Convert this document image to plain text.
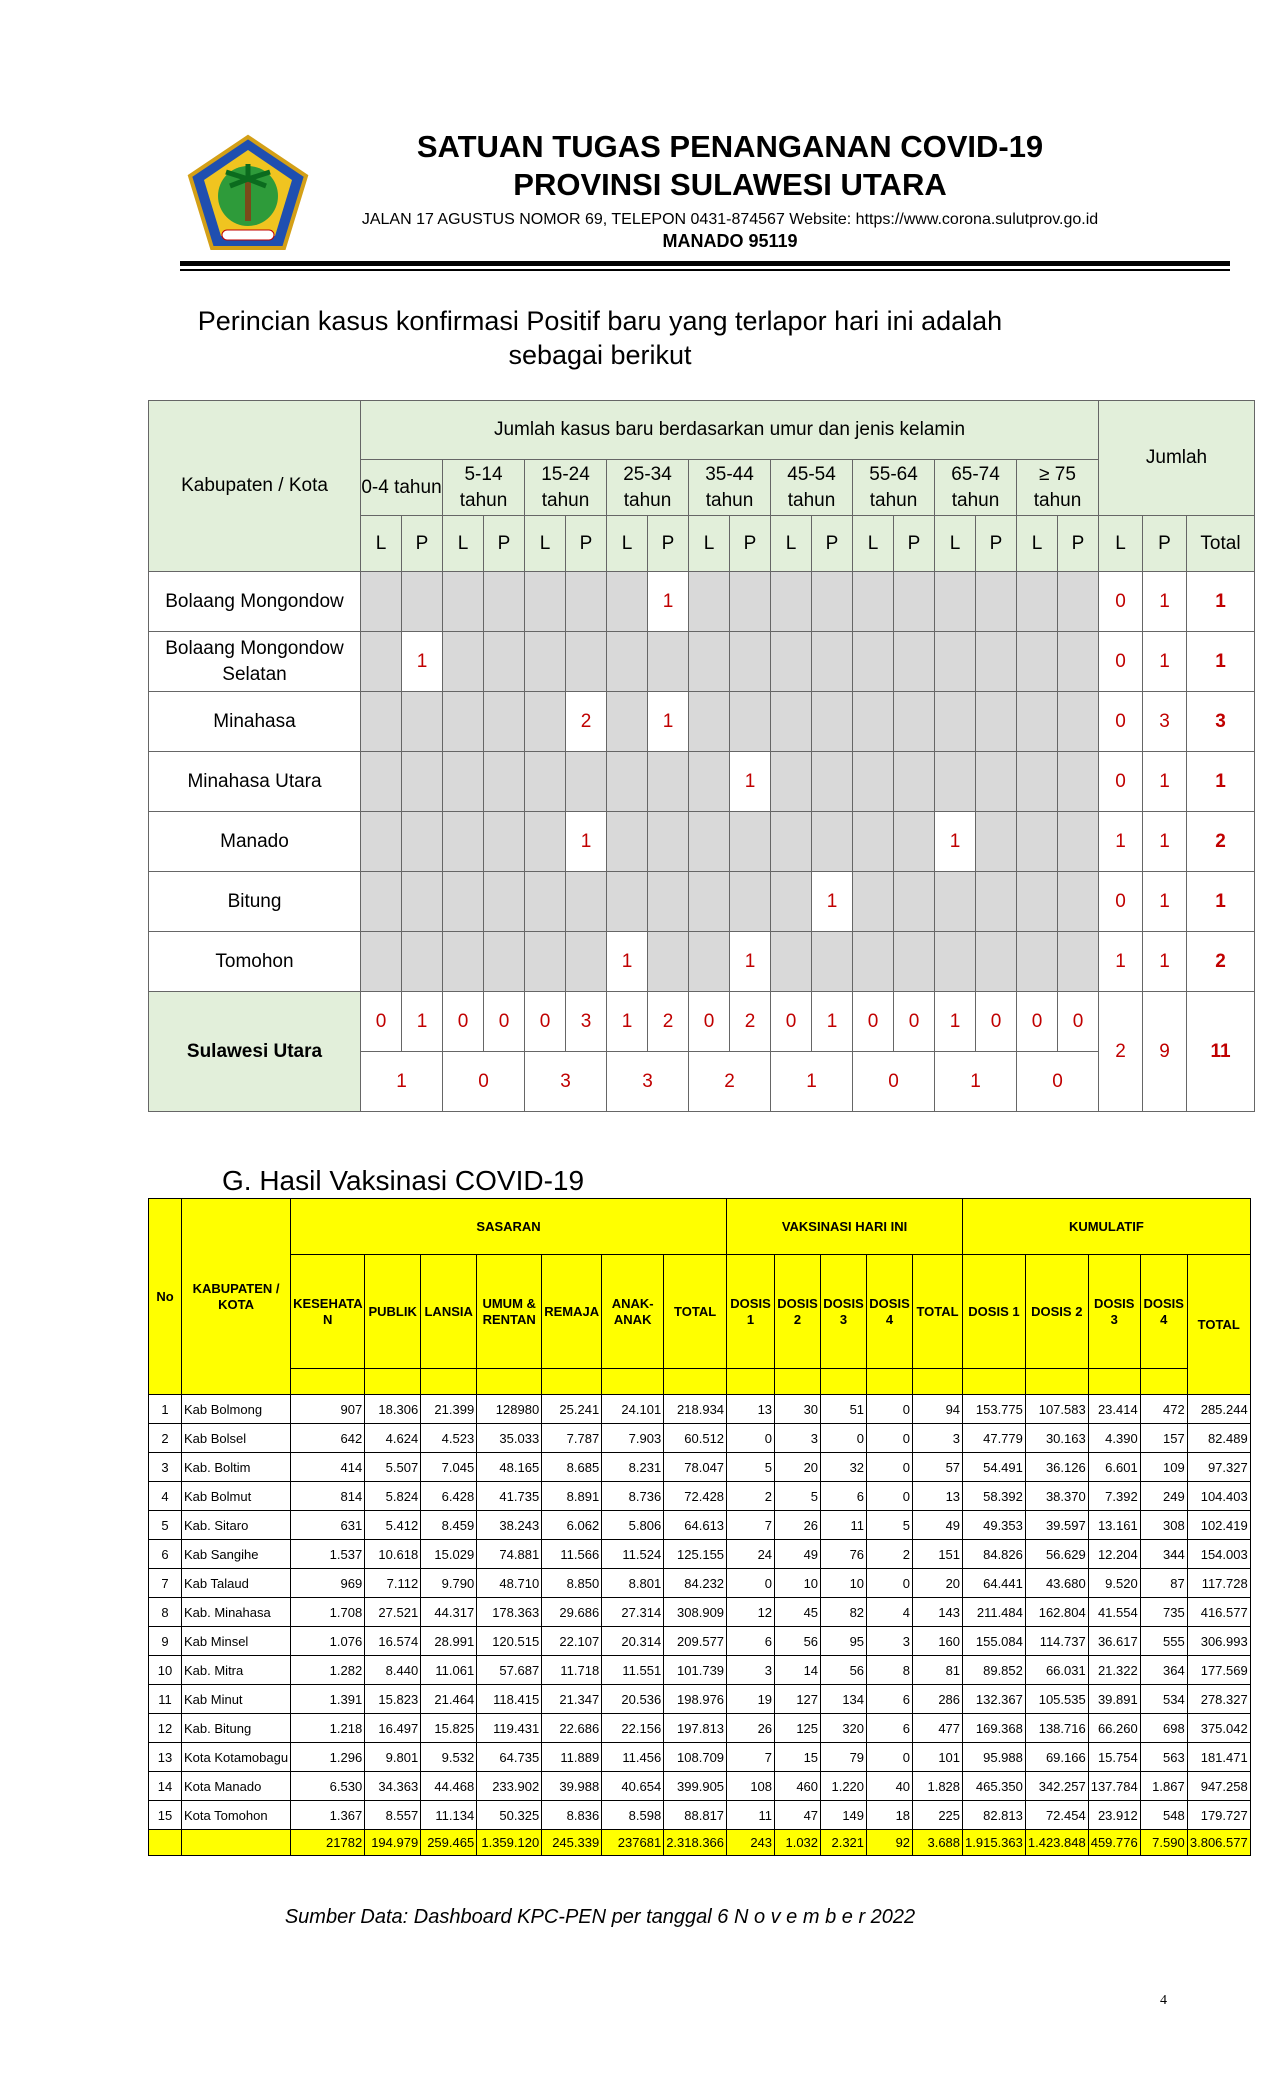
SATUAN TUGAS PENANGANAN COVID-19
PROVINSI SULAWESI UTARA
JALAN 17 AGUSTUS NOMOR 69, TELEPON 0431-874567 Website: https://www.corona.sulutprov.go.id
MANADO 95119
Perincian kasus konfirmasi Positif baru yang terlapor hari ini adalah sebagai berikut
Kabupaten / Kota	Jumlah kasus baru berdasarkan umur dan jenis kelamin																		Jumlah		
	0-4 tahun		5-14 tahun		15-24 tahun		25-34 tahun		35-44 tahun		45-54 tahun		55-64 tahun		65-74 tahun		≥ 75 tahun				
	L	P	L	P	L	P	L	P	L	P	L	P	L	P	L	P	L	P	L	P	Total
Bolaang Mongondow								1											0	1	1
Bolaang Mongondow Selatan		1																	0	1	1
Minahasa						2		1											0	3	3
Minahasa Utara										1									0	1	1
Manado						1									1				1	1	2
Bitung												1							0	1	1
Tomohon							1			1									1	1	2
Sulawesi Utara	0	1	0	0	0	3	1	2	0	2	0	1	0	0	1	0	0	0	2	9	11
	1		0		3		3		2		1		0		1		0				
G. Hasil Vaksinasi COVID-19
No	KABUPATEN / KOTA	SASARAN							VAKSINASI HARI INI					KUMULATIF				
		KESEHATA N	PUBLIK	LANSIA	UMUM & RENTAN	REMAJA	ANAK-ANAK	TOTAL	DOSIS 1	DOSIS 2	DOSIS 3	DOSIS 4	TOTAL	DOSIS 1	DOSIS 2	DOSIS 3	DOSIS 4	TOTAL

1	Kab Bolmong	907	18.306	21.399	128980	25.241	24.101	218.934	13	30	51	0	94	153.775	107.583	23.414	472	285.244
2	Kab Bolsel	642	4.624	4.523	35.033	7.787	7.903	60.512	0	3	0	0	3	47.779	30.163	4.390	157	82.489
3	Kab. Boltim	414	5.507	7.045	48.165	8.685	8.231	78.047	5	20	32	0	57	54.491	36.126	6.601	109	97.327
4	Kab Bolmut	814	5.824	6.428	41.735	8.891	8.736	72.428	2	5	6	0	13	58.392	38.370	7.392	249	104.403
5	Kab. Sitaro	631	5.412	8.459	38.243	6.062	5.806	64.613	7	26	11	5	49	49.353	39.597	13.161	308	102.419
6	Kab Sangihe	1.537	10.618	15.029	74.881	11.566	11.524	125.155	24	49	76	2	151	84.826	56.629	12.204	344	154.003
7	Kab Talaud	969	7.112	9.790	48.710	8.850	8.801	84.232	0	10	10	0	20	64.441	43.680	9.520	87	117.728
8	Kab. Minahasa	1.708	27.521	44.317	178.363	29.686	27.314	308.909	12	45	82	4	143	211.484	162.804	41.554	735	416.577
9	Kab Minsel	1.076	16.574	28.991	120.515	22.107	20.314	209.577	6	56	95	3	160	155.084	114.737	36.617	555	306.993
10	Kab. Mitra	1.282	8.440	11.061	57.687	11.718	11.551	101.739	3	14	56	8	81	89.852	66.031	21.322	364	177.569
11	Kab Minut	1.391	15.823	21.464	118.415	21.347	20.536	198.976	19	127	134	6	286	132.367	105.535	39.891	534	278.327
12	Kab. Bitung	1.218	16.497	15.825	119.431	22.686	22.156	197.813	26	125	320	6	477	169.368	138.716	66.260	698	375.042
13	Kota Kotamobagu	1.296	9.801	9.532	64.735	11.889	11.456	108.709	7	15	79	0	101	95.988	69.166	15.754	563	181.471
14	Kota Manado	6.530	34.363	44.468	233.902	39.988	40.654	399.905	108	460	1.220	40	1.828	465.350	342.257	137.784	1.867	947.258
15	Kota Tomohon	1.367	8.557	11.134	50.325	8.836	8.598	88.817	11	47	149	18	225	82.813	72.454	23.912	548	179.727
		21782	194.979	259.465	1.359.120	245.339	237681	2.318.366	243	1.032	2.321	92	3.688	1.915.363	1.423.848	459.776	7.590	3.806.577
Sumber Data: Dashboard KPC-PEN per tanggal 6 N o v e m b e r 2022
4
